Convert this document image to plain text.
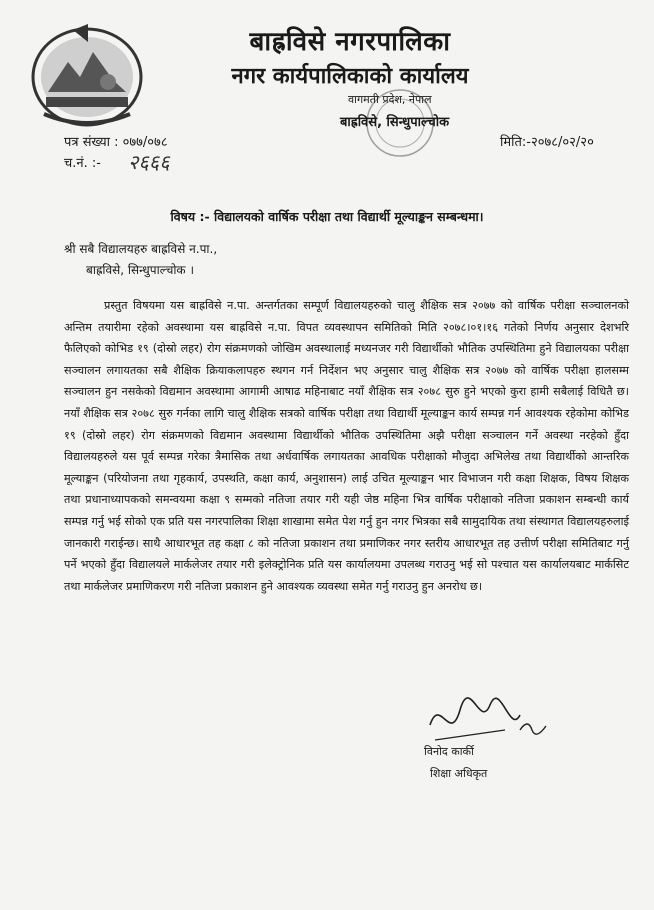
बाह्रविसे नगरपालिका
नगर कार्यपालिकाको कार्यालय
वागमती प्रदेश, नेपाल
बाह्रविसे, सिन्धुपाल्चोक
पत्र संख्या : ०७७/०७८
च.नं. :- २६६६
मिति:-२०७८/०२/२०
विषय :- विद्यालयको वार्षिक परीक्षा तथा विद्यार्थी मूल्याङ्कन सम्बन्धमा।
श्री सबै विद्यालयहरु बाह्रविसे न.पा.,
बाह्रविसे, सिन्धुपाल्चोक ।

प्रस्तुत विषयमा यस बाह्रविसे न.पा. अन्तर्गतका सम्पूर्ण विद्यालयहरुको चालु शैक्षिक सत्र २०७७ को वार्षिक परीक्षा सञ्चालनको अन्तिम तयारीमा रहेको अवस्थामा यस बाह्रविसे न.पा. विपत व्यवस्थापन समितिको मिति २०७८।०१।१६ गतेको निर्णय अनुसार देशभरि फैलिएको कोभिड १९ (दोस्रो लहर) रोग संक्रमणको जोखिम अवस्थालाई मध्यनजर गरी विद्यार्थीको भौतिक उपस्थितिमा हुने विद्यालयका परीक्षा सञ्चालन लगायतका सबै शैक्षिक क्रियाकलापहरु स्थगन गर्न निर्देशन भए अनुसार चालु शैक्षिक सत्र २०७७ को वार्षिक परीक्षा हालसम्म सञ्चालन हुन नसकेको विद्यमान अवस्थामा आगामी आषाढ महिनाबाट नयाँ शैक्षिक सत्र २०७८ सुरु हुने भएको कुरा हामी सबैलाई विधितै छ। नयाँ शैक्षिक सत्र २०७८ सुरु गर्नका लागि चालु शैक्षिक सत्रको वार्षिक परीक्षा तथा विद्यार्थी मूल्याङ्कन कार्य सम्पन्न गर्न आवश्यक रहेकोमा कोभिड १९ (दोस्रो लहर) रोग संक्रमणको विद्यमान अवस्थामा विद्यार्थीको भौतिक उपस्थितिमा अझै परीक्षा सञ्चालन गर्ने अवस्था नरहेको हुँदा विद्यालयहरुले यस पूर्व सम्पन्न गरेका त्रैमासिक तथा अर्धवार्षिक लगायतका आवधिक परीक्षाको मौजुदा अभिलेख तथा विद्यार्थीको आन्तरिक मूल्याङ्कन (परियोजना तथा गृहकार्य, उपस्थति, कक्षा कार्य, अनुशासन) लाई उचित मूल्याङ्कन भार विभाजन गरी कक्षा शिक्षक, विषय शिक्षक तथा प्रधानाध्यापकको समन्वयमा कक्षा ९ सम्मको नतिजा तयार गरी यही जेष्ठ महिना भित्र वार्षिक परीक्षाको नतिजा प्रकाशन सम्बन्धी कार्य सम्पन्न गर्नु भई सोको एक प्रति यस नगरपालिका शिक्षा शाखामा समेत पेश गर्नु हुन नगर भित्रका सबै सामुदायिक तथा संस्थागत विद्यालयहरुलाई जानकारी गराईन्छ। साथै आधारभूत तह कक्षा ८ को नतिजा प्रकाशन तथा प्रमाणिकर नगर स्तरीय आधारभूत तह उत्तीर्ण परीक्षा समितिबाट गर्नु पर्ने भएको हुँदा विद्यालयले मार्कलेजर तयार गरी इलेक्ट्रोनिक प्रति यस कार्यालयमा उपलब्ध गराउनु भई सो पश्चात यस कार्यालयबाट मार्कसिट तथा मार्कलेजर प्रमाणिकरण गरी नतिजा प्रकाशन हुने आवश्यक व्यवस्था समेत गर्नु गराउनु हुन अनरोध छ।

विनोद कार्की
शिक्षा अधिकृत
